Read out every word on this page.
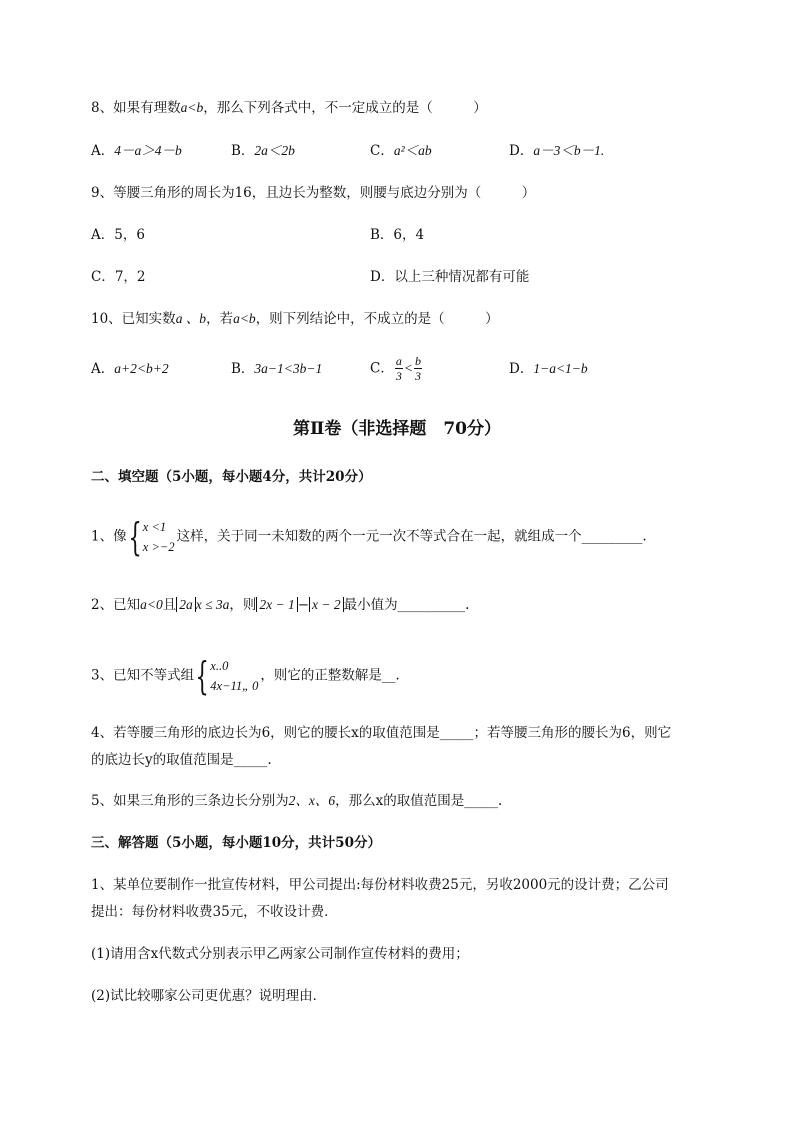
8、如果有理数a<b，那么下列各式中，不一定成立的是（　　　）
A．4－a＞4－b	B．2a＜2b	C．a²＜ab	D．a－3＜b－1.
9、等腰三角形的周长为16，且边长为整数，则腰与底边分别为（　　　）
A．5，6	B．6，4
C．7，2	D．以上三种情况都有可能
10、已知实数a 、b，若a<b，则下列结论中，不成立的是（　　　）
A．a+2<b+2	B．3a−1<3b−1	C． $\frac{a}{3} < \frac{b}{3}$	D．1−a<1−b
第Ⅱ卷（非选择题　70分）
二、填空题（5小题，每小题4分，共计20分）
1、像{ x <1
x >−2
这样，关于同一未知数的两个一元一次不等式合在一起，就组成一个_________.
2、已知a<0且 2a x ≤ 3a，则 2x − 1 − x − 2 最小值为__________.
3、已知不等式组{ x..0
4x−11„ 0
，则它的正整数解是__.
4、若等腰三角形的底边长为6，则它的腰长x的取值范围是_____；若等腰三角形的腰长为6，则它
的底边长y的取值范围是_____.
5、如果三角形的三条边长分别为2、x、6，那么x的取值范围是_____.
三、解答题（5小题，每小题10分，共计50分）
1、某单位要制作一批宣传材料，甲公司提出:每份材料收费25元，另收2000元的设计费；乙公司
提出：每份材料收费35元，不收设计费．
(1)请用含x代数式分别表示甲乙两家公司制作宣传材料的费用；
(2)试比较哪家公司更优惠？说明理由．
